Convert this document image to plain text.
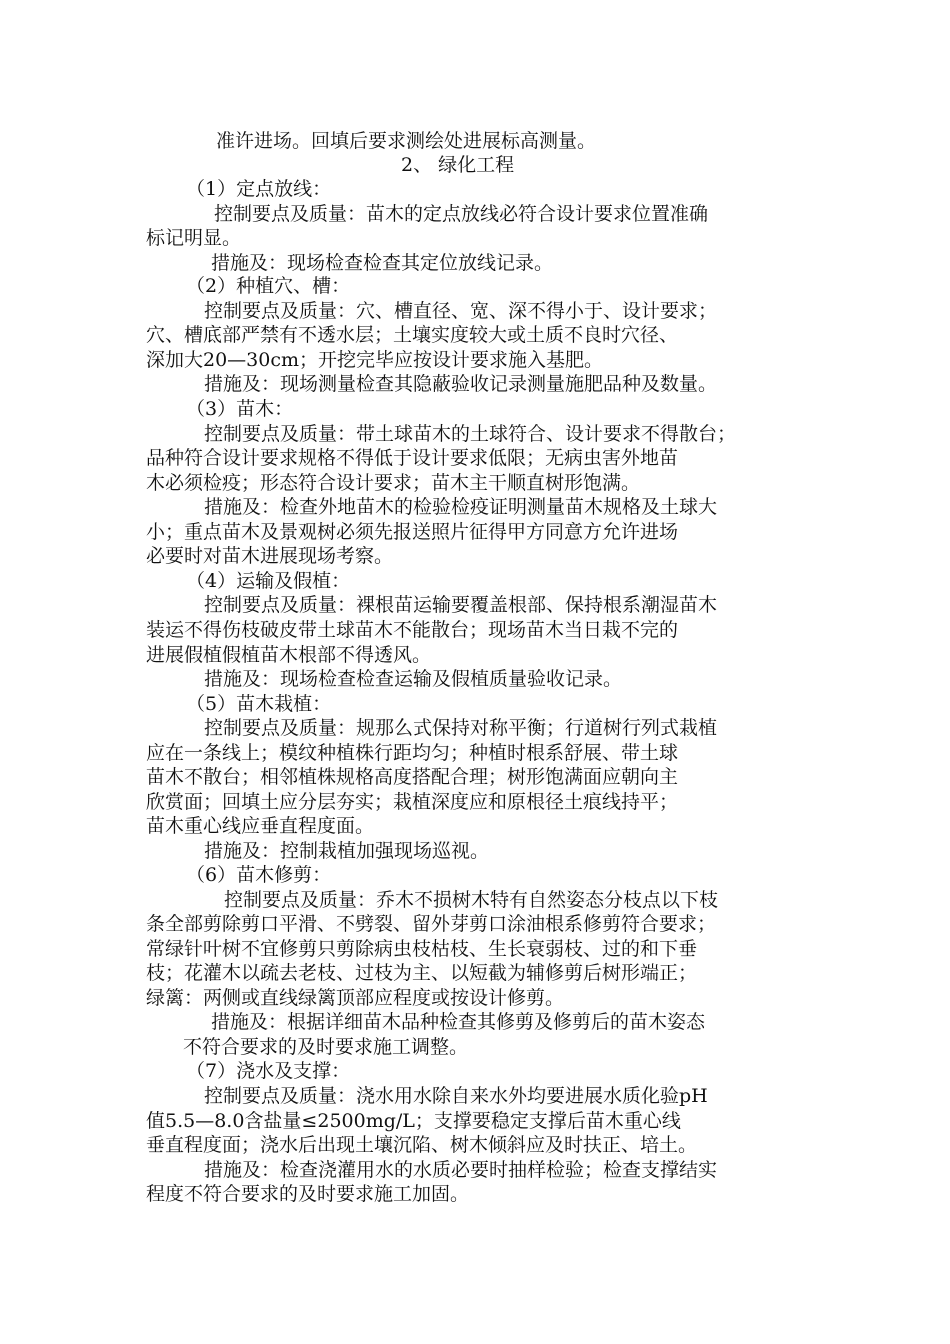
准许进场。回填后要求测绘处进展标高测量。
2、 绿化工程
（1）定点放线：
控制要点及质量：苗木的定点放线必符合设计要求位置准确
标记明显。
措施及：现场检查检查其定位放线记录。
（2）种植穴、槽：
控制要点及质量：穴、槽直径、宽、深不得小于、设计要求；
穴、槽底部严禁有不透水层；土壤实度较大或土质不良时穴径、
深加大20—30cm；开挖完毕应按设计要求施入基肥。
措施及：现场测量检查其隐蔽验收记录测量施肥品种及数量。
（3）苗木：
控制要点及质量：带土球苗木的土球符合、设计要求不得散台；
品种符合设计要求规格不得低于设计要求低限；无病虫害外地苗
木必须检疫；形态符合设计要求；苗木主干顺直树形饱满。
措施及：检查外地苗木的检验检疫证明测量苗木规格及土球大
小；重点苗木及景观树必须先报送照片征得甲方同意方允许进场
必要时对苗木进展现场考察。
（4）运输及假植：
控制要点及质量：裸根苗运输要覆盖根部、保持根系潮湿苗木
装运不得伤枝破皮带土球苗木不能散台；现场苗木当日栽不完的
进展假植假植苗木根部不得透风。
措施及：现场检查检查运输及假植质量验收记录。
（5）苗木栽植：
控制要点及质量：规那么式保持对称平衡；行道树行列式栽植
应在一条线上；模纹种植株行距均匀；种植时根系舒展、带土球
苗木不散台；相邻植株规格高度搭配合理；树形饱满面应朝向主
欣赏面；回填土应分层夯实；栽植深度应和原根径土痕线持平；
苗木重心线应垂直程度面。
措施及：控制栽植加强现场巡视。
（6）苗木修剪：
控制要点及质量：乔木不损树木特有自然姿态分枝点以下枝
条全部剪除剪口平滑、不劈裂、留外芽剪口涂油根系修剪符合要求；
常绿针叶树不宜修剪只剪除病虫枝枯枝、生长衰弱枝、过的和下垂
枝；花灌木以疏去老枝、过枝为主、以短截为辅修剪后树形端正；
绿篱：两侧或直线绿篱顶部应程度或按设计修剪。
措施及：根据详细苗木品种检查其修剪及修剪后的苗木姿态
不符合要求的及时要求施工调整。
（7）浇水及支撑：
控制要点及质量：浇水用水除自来水外均要进展水质化验pH
值5.5—8.0含盐量≤2500mg/L；支撑要稳定支撑后苗木重心线
垂直程度面；浇水后出现土壤沉陷、树木倾斜应及时扶正、培土。
措施及：检查浇灌用水的水质必要时抽样检验；检查支撑结实
程度不符合要求的及时要求施工加固。
